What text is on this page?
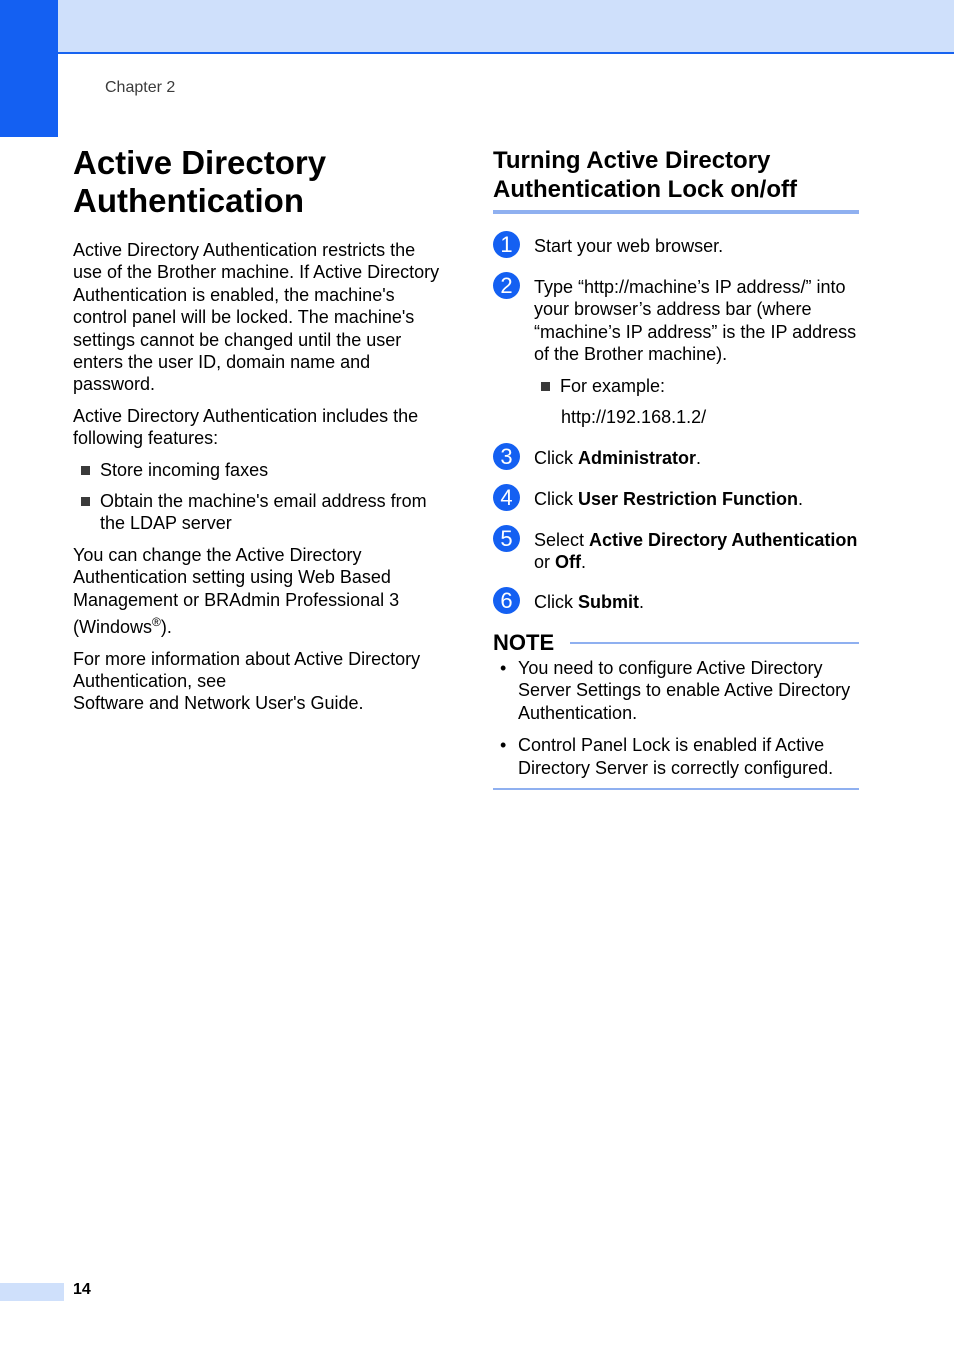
Chapter 2
Active Directory Authentication

Active Directory Authentication restricts the use of the Brother machine. If Active Directory Authentication is enabled, the machine's control panel will be locked. The machine's settings cannot be changed until the user enters the user ID, domain name and password.

Active Directory Authentication includes the following features:

Store incoming faxes
Obtain the machine's email address from the LDAP server

You can change the Active Directory Authentication setting using Web Based Management or BRAdmin Professional 3 (Windows®).

For more information about Active Directory Authentication, see
Software and Network User's Guide.

Turning Active Directory Authentication Lock on/off
1	Start your web browser.
2	Type “http://machine’s IP address/” into your browser’s address bar (where “machine’s IP address” is the IP address of the Brother machine).
For example:
http://192.168.1.2/
3	Click Administrator.
4	Click User Restriction Function.
5	Select Active Directory Authentication or Off.
6	Click Submit.
NOTE
• You need to configure Active Directory Server Settings to enable Active Directory Authentication.
• Control Panel Lock is enabled if Active Directory Server is correctly configured.
14
